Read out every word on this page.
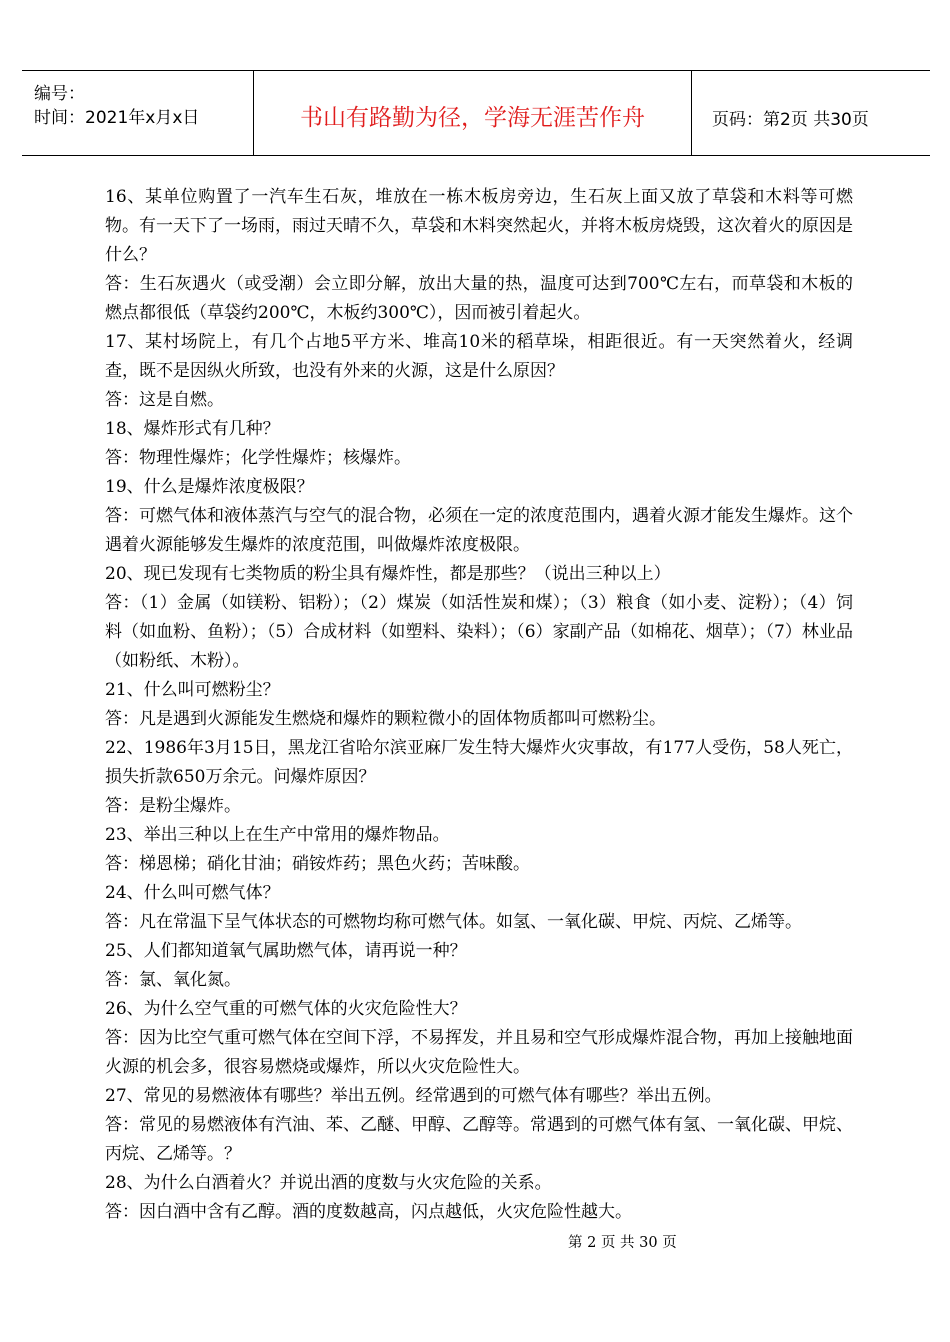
编号：
时间：2021年x月x日	书山有路勤为径，学海无涯苦作舟	页码：第2页 共30页
16、某单位购置了一汽车生石灰，堆放在一栋木板房旁边，生石灰上面又放了草袋和木料等可燃物。有一天下了一场雨，雨过天晴不久，草袋和木料突然起火，并将木板房烧毁，这次着火的原因是什么？
答：生石灰遇火（或受潮）会立即分解，放出大量的热，温度可达到700℃左右，而草袋和木板的燃点都很低（草袋约200℃，木板约300℃），因而被引着起火。
17、某村场院上，有几个占地5平方米、堆高10米的稻草垛，相距很近。有一天突然着火，经调查，既不是因纵火所致，也没有外来的火源，这是什么原因？
答：这是自燃。
18、爆炸形式有几种？
答：物理性爆炸；化学性爆炸；核爆炸。
19、什么是爆炸浓度极限？
答：可燃气体和液体蒸汽与空气的混合物，必须在一定的浓度范围内，遇着火源才能发生爆炸。这个遇着火源能够发生爆炸的浓度范围，叫做爆炸浓度极限。
20、现已发现有七类物质的粉尘具有爆炸性，都是那些？（说出三种以上）
答：（1）金属（如镁粉、铝粉）；（2）煤炭（如活性炭和煤）；（3）粮食（如小麦、淀粉）；（4）饲料（如血粉、鱼粉）；（5）合成材料（如塑料、染料）；（6）家副产品（如棉花、烟草）；（7）林业品（如粉纸、木粉）。
21、什么叫可燃粉尘？
答：凡是遇到火源能发生燃烧和爆炸的颗粒微小的固体物质都叫可燃粉尘。
22、1986年3月15日，黑龙江省哈尔滨亚麻厂发生特大爆炸火灾事故，有177人受伤，58人死亡，损失折款650万余元。问爆炸原因？
答：是粉尘爆炸。
23、举出三种以上在生产中常用的爆炸物品。
答：梯恩梯；硝化甘油；硝铵炸药；黑色火药；苦味酸。
24、什么叫可燃气体？
答：凡在常温下呈气体状态的可燃物均称可燃气体。如氢、一氧化碳、甲烷、丙烷、乙烯等。
25、人们都知道氧气属助燃气体，请再说一种？
答：氯、氧化氮。
26、为什么空气重的可燃气体的火灾危险性大？
答：因为比空气重可燃气体在空间下浮，不易挥发，并且易和空气形成爆炸混合物，再加上接触地面火源的机会多，很容易燃烧或爆炸，所以火灾危险性大。
27、常见的易燃液体有哪些？举出五例。经常遇到的可燃气体有哪些？举出五例。
答：常见的易燃液体有汽油、苯、乙醚、甲醇、乙醇等。常遇到的可燃气体有氢、一氧化碳、甲烷、丙烷、乙烯等。？
28、为什么白酒着火？并说出酒的度数与火灾危险的关系。
答：因白酒中含有乙醇。酒的度数越高，闪点越低，火灾危险性越大。
第 2 页 共 30 页
